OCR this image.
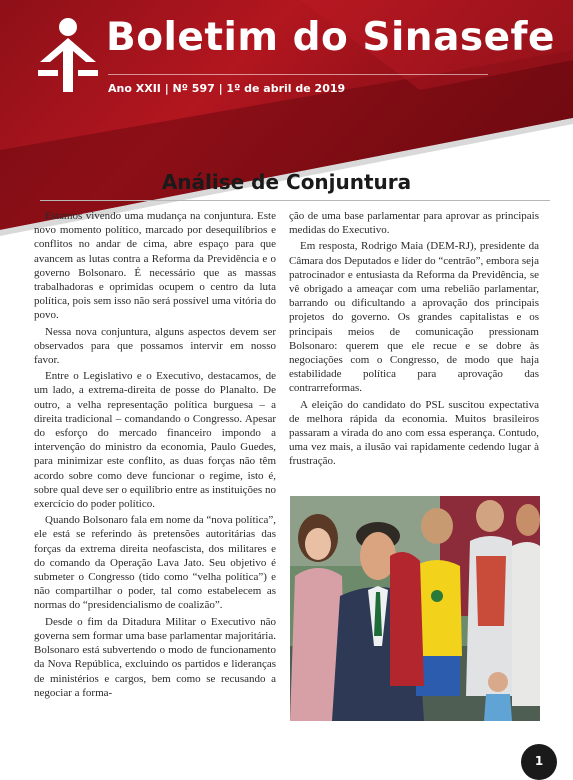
Boletim do Sinasefe
Ano XXII | Nº 597 | 1º de abril de 2019
Análise de Conjuntura

Estamos vivendo uma mudança na conjuntura. Este novo momento político, marcado por desequilíbrios e conflitos no andar de cima, abre espaço para que avancem as lutas contra a Reforma da Previdência e o governo Bolsonaro. É necessário que as massas trabalhadoras e oprimidas ocupem o centro da luta política, pois sem isso não será possível uma vitória do povo.

Nessa nova conjuntura, alguns aspectos devem ser observados para que possamos intervir em nosso favor.

Entre o Legislativo e o Executivo, destacamos, de um lado, a extrema-direita de posse do Planalto. De outro, a velha representação política burguesa – a direita tradicional – comandando o Congresso. Apesar do esforço do mercado financeiro impondo a intervenção do ministro da economia, Paulo Guedes, para minimizar este conflito, as duas forças não têm acordo sobre como deve funcionar o regime, isto é, sobre qual deve ser o equilíbrio entre as instituições no exercício do poder político.

Quando Bolsonaro fala em nome da “nova política”, ele está se referindo às pretensões autoritárias das forças da extrema direita neofascista, dos militares e do comando da Operação Lava Jato. Seu objetivo é submeter o Congresso (tido como “velha política”) e não compartilhar o poder, tal como estabelecem as normas do “presidencialismo de coalizão”.

Desde o fim da Ditadura Militar o Executivo não governa sem formar uma base parlamentar majoritária. Bolsonaro está subvertendo o modo de funcionamento da Nova República, excluindo os partidos e lideranças de ministérios e cargos, bem como se recusando a negociar a forma-

ção de uma base parlamentar para aprovar as principais medidas do Executivo.

Em resposta, Rodrigo Maia (DEM-RJ), presidente da Câmara dos Deputados e líder do “centrão”, embora seja patrocinador e entusiasta da Reforma da Previdência, se vê obrigado a ameaçar com uma rebelião parlamentar, barrando ou dificultando a aprovação dos principais projetos do governo. Os grandes capitalistas e os principais meios de comunicação pressionam Bolsonaro: querem que ele recue e se dobre às negociações com o Congresso, de modo que haja estabilidade política para aprovação das contrarreformas.

A eleição do candidato do PSL suscitou expectativa de melhora rápida da economia. Muitos brasileiros passaram a virada do ano com essa esperança. Contudo, uma vez mais, a ilusão vai rapidamente cedendo lugar à frustração.

1
